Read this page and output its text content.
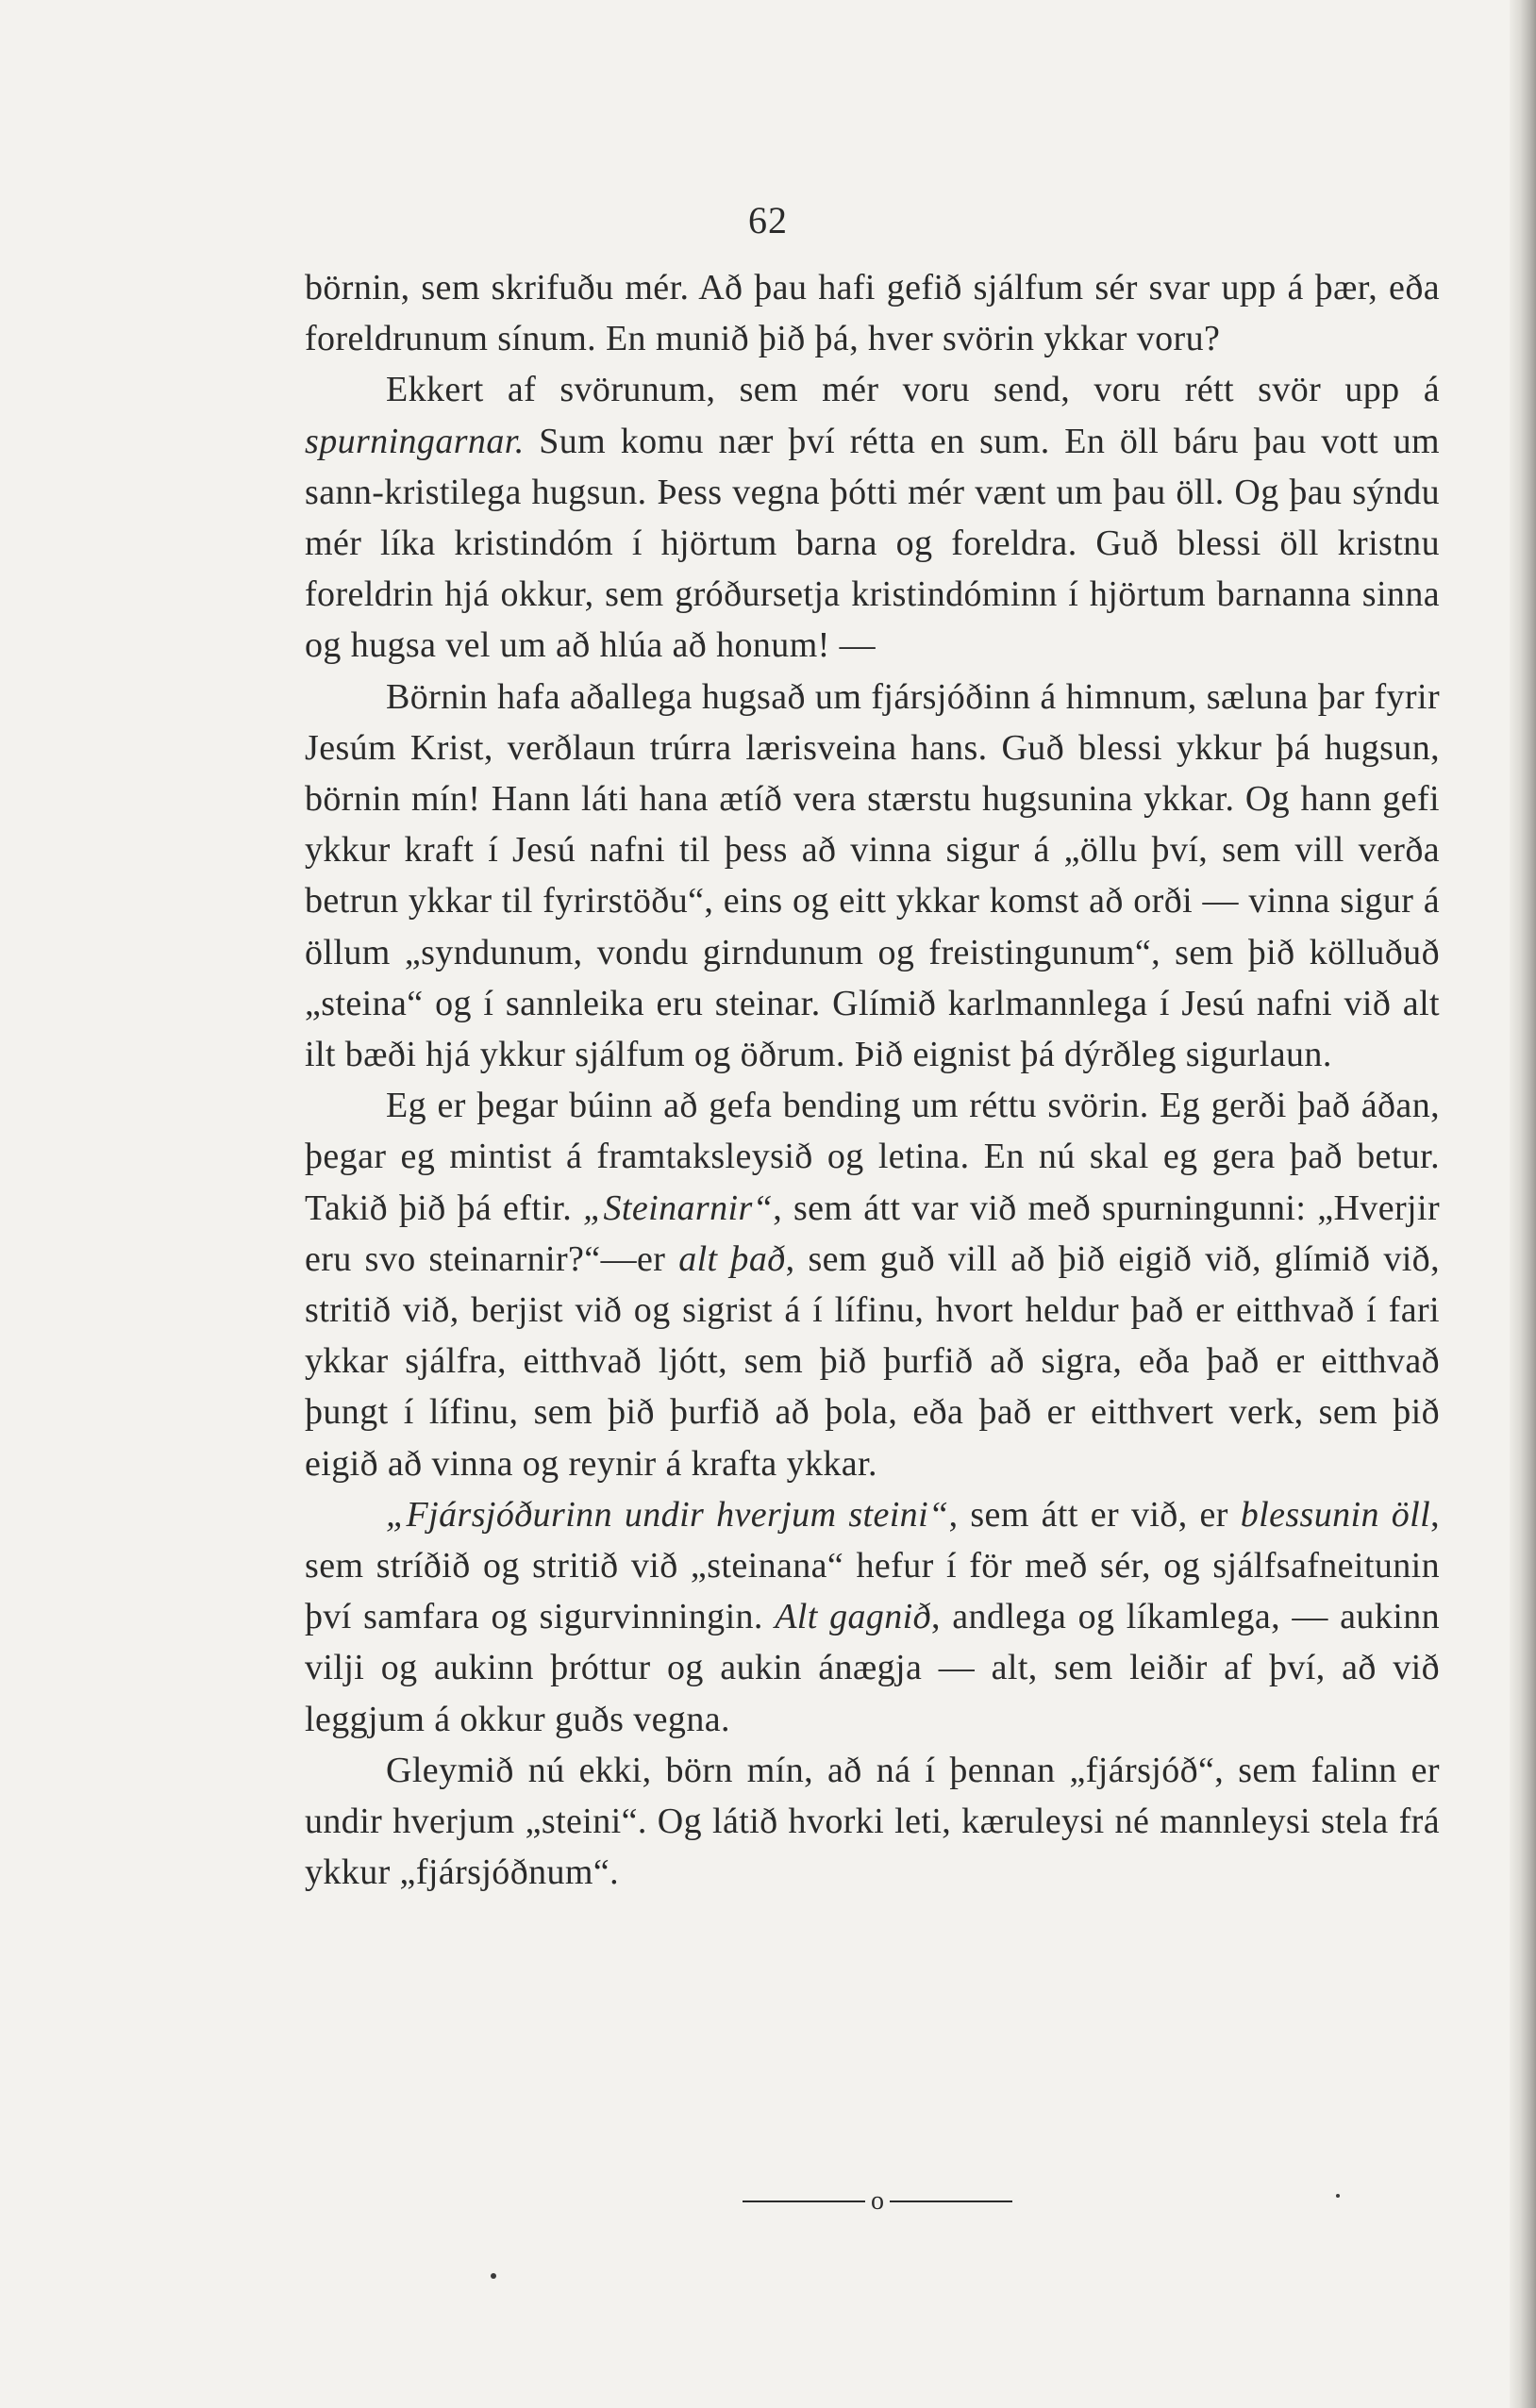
62

börnin, sem skrifuðu mér. Að þau hafi gefið sjálfum sér svar upp á þær, eða foreldrunum sínum. En munið þið þá, hver svörin ykkar voru?

Ekkert af svörunum, sem mér voru send, voru rétt svör upp á spurningarnar. Sum komu nær því rétta en sum. En öll báru þau vott um sann-kristilega hugsun. Þess vegna þótti mér vænt um þau öll. Og þau sýndu mér líka kristindóm í hjörtum barna og foreldra. Guð blessi öll kristnu foreldrin hjá okkur, sem gróðursetja kristindóminn í hjörtum barnanna sinna og hugsa vel um að hlúa að honum! —

Börnin hafa aðallega hugsað um fjársjóðinn á himnum, sæluna þar fyrir Jesúm Krist, verðlaun trúrra lærisveina hans. Guð blessi ykkur þá hugsun, börnin mín! Hann láti hana ætíð vera stærstu hugsunina ykkar. Og hann gefi ykkur kraft í Jesú nafni til þess að vinna sigur á „öllu því, sem vill verða betrun ykkar til fyrirstöðu“, eins og eitt ykkar komst að orði — vinna sigur á öllum „syndunum, vondu girndunum og freistingunum“, sem þið kölluðuð „steina“ og í sannleika eru steinar. Glímið karlmannlega í Jesú nafni við alt ilt bæði hjá ykkur sjálfum og öðrum. Þið eignist þá dýrðleg sigurlaun.

Eg er þegar búinn að gefa bending um réttu svörin. Eg gerði það áðan, þegar eg mintist á framtaksleysið og letina. En nú skal eg gera það betur. Takið þið þá eftir. „Steinarnir“, sem átt var við með spurningunni: „Hverjir eru svo steinarnir?“—er alt það, sem guð vill að þið eigið við, glímið við, stritið við, berjist við og sigrist á í lífinu, hvort heldur það er eitthvað í fari ykkar sjálfra, eitthvað ljótt, sem þið þurfið að sigra, eða það er eitthvað þungt í lífinu, sem þið þurfið að þola, eða það er eitthvert verk, sem þið eigið að vinna og reynir á krafta ykkar.

„Fjársjóðurinn undir hverjum steini“, sem átt er við, er blessunin öll, sem stríðið og stritið við „steinana“ hefur í för með sér, og sjálfsafneitunin því samfara og sigurvinningin. Alt gagnið, andlega og líkamlega, — aukinn vilji og aukinn þróttur og aukin ánægja — alt, sem leiðir af því, að við leggjum á okkur guðs vegna.

Gleymið nú ekki, börn mín, að ná í þennan „fjársjóð“, sem falinn er undir hverjum „steini“. Og látið hvorki leti, kæruleysi né mannleysi stela frá ykkur „fjársjóðnum“.

o
